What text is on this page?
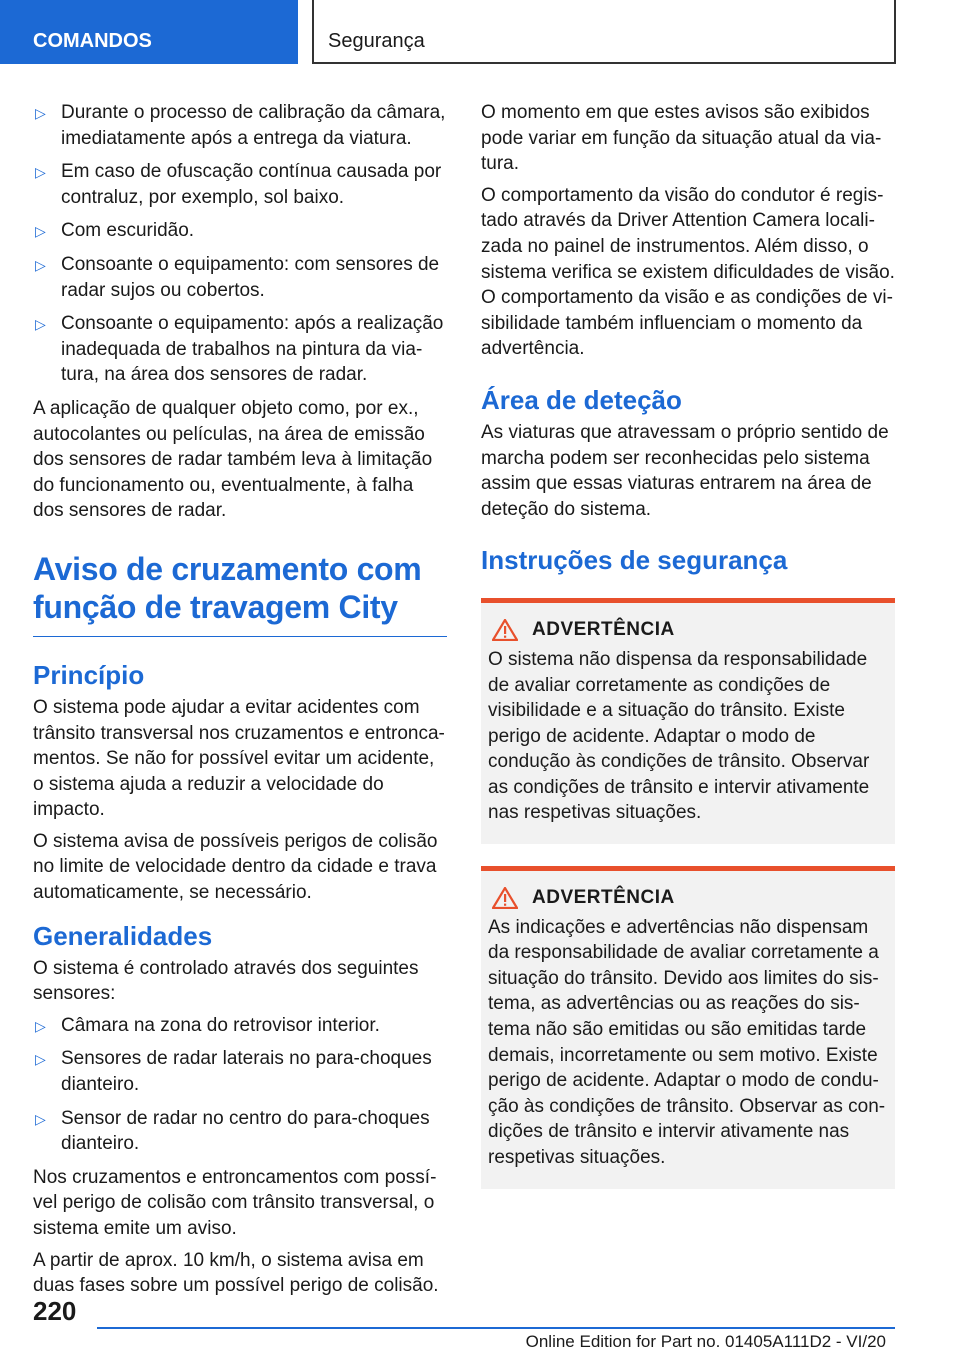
COMANDOS	Segurança
▷ Durante o processo de calibração da câmara, imediatamente após a entrega da viatura.
▷ Em caso de ofuscação contínua causada por contraluz, por exemplo, sol baixo.
▷ Com escuridão.
▷ Consoante o equipamento: com sensores de radar sujos ou cobertos.
▷ Consoante o equipamento: após a realização inadequada de trabalhos na pintura da viatura, na área dos sensores de radar.

A aplicação de qualquer objeto como, por ex., autocolantes ou películas, na área de emissão dos sensores de radar também leva à limitação do funcionamento ou, eventualmente, à falha dos sensores de radar.

Aviso de cruzamento com função de travagem City
Princípio

O sistema pode ajudar a evitar acidentes com trânsito transversal nos cruzamentos e entroncamentos. Se não for possível evitar um acidente, o sistema ajuda a reduzir a velocidade do impacto.

O sistema avisa de possíveis perigos de colisão no limite de velocidade dentro da cidade e trava automaticamente, se necessário.

Generalidades

O sistema é controlado através dos seguintes sensores:

▷ Câmara na zona do retrovisor interior.
▷ Sensores de radar laterais no para-choques dianteiro.
▷ Sensor de radar no centro do para-choques dianteiro.

Nos cruzamentos e entroncamentos com possível perigo de colisão com trânsito transversal, o sistema emite um aviso.

A partir de aprox. 10 km/h, o sistema avisa em duas fases sobre um possível perigo de colisão.

O momento em que estes avisos são exibidos pode variar em função da situação atual da viatura.

O comportamento da visão do condutor é registado através da Driver Attention Camera localizada no painel de instrumentos. Além disso, o sistema verifica se existem dificuldades de visão. O comportamento da visão e as condições de visibilidade também influenciam o momento da advertência.

Área de deteção

As viaturas que atravessam o próprio sentido de marcha podem ser reconhecidas pelo sistema assim que essas viaturas entrarem na área de deteção do sistema.

Instruções de segurança
ADVERTÊNCIA
O sistema não dispensa da responsabilidade de avaliar corretamente as condições de visibilidade e a situação do trânsito. Existe perigo de acidente. Adaptar o modo de condução às condições de trânsito. Observar as condições de trânsito e intervir ativamente nas respetivas situações.
ADVERTÊNCIA
As indicações e advertências não dispensam da responsabilidade de avaliar corretamente a situação do trânsito. Devido aos limites do sistema, as advertências ou as reações do sistema não são emitidas ou são emitidas tarde demais, incorretamente ou sem motivo. Existe perigo de acidente. Adaptar o modo de condução às condições de trânsito. Observar as condições de trânsito e intervir ativamente nas respetivas situações.
220
Online Edition for Part no. 01405A111D2 - VI/20
